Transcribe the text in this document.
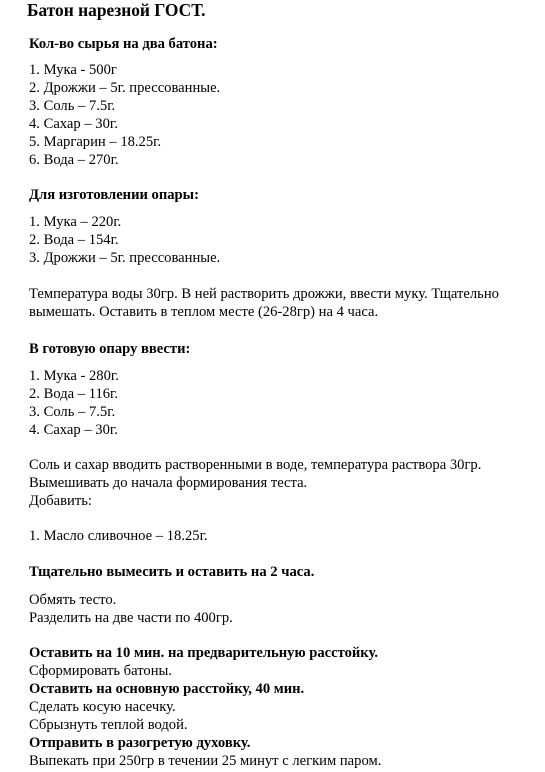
Батон нарезной ГОСТ.
Кол-во сырья на два батона:
1. Мука - 500г
2. Дрожжи – 5г. прессованные.
3. Соль – 7.5г.
4. Сахар – 30г.
5. Маргарин – 18.25г.
6. Вода – 270г.
Для изготовлении опары:
1. Мука – 220г.
2. Вода – 154г.
3. Дрожжи – 5г. прессованные.
Температура воды 30гр. В ней растворить дрожжи, ввести муку. Тщательно
вымешать. Оставить в теплом месте (26-28гр) на 4 часа.
В готовую опару ввести:
1. Мука - 280г.
2. Вода – 116г.
3. Соль – 7.5г.
4. Сахар – 30г.
Соль и сахар вводить растворенными в воде, температура раствора 30гр.
Вымешивать до начала формирования теста.
Добавить:
1. Масло сливочное – 18.25г.
Тщательно вымесить и оставить на 2 часа.
Обмять тесто.
Разделить на две части по 400гр.
Оставить на 10 мин. на предварительную расстойку.
Сформировать батоны.
Оставить на основную расстойку, 40 мин.
Сделать косую насечку.
Сбрызнуть теплой водой.
Отправить в разогретую духовку.
Выпекать при 250гр в течении 25 минут с легким паром.
